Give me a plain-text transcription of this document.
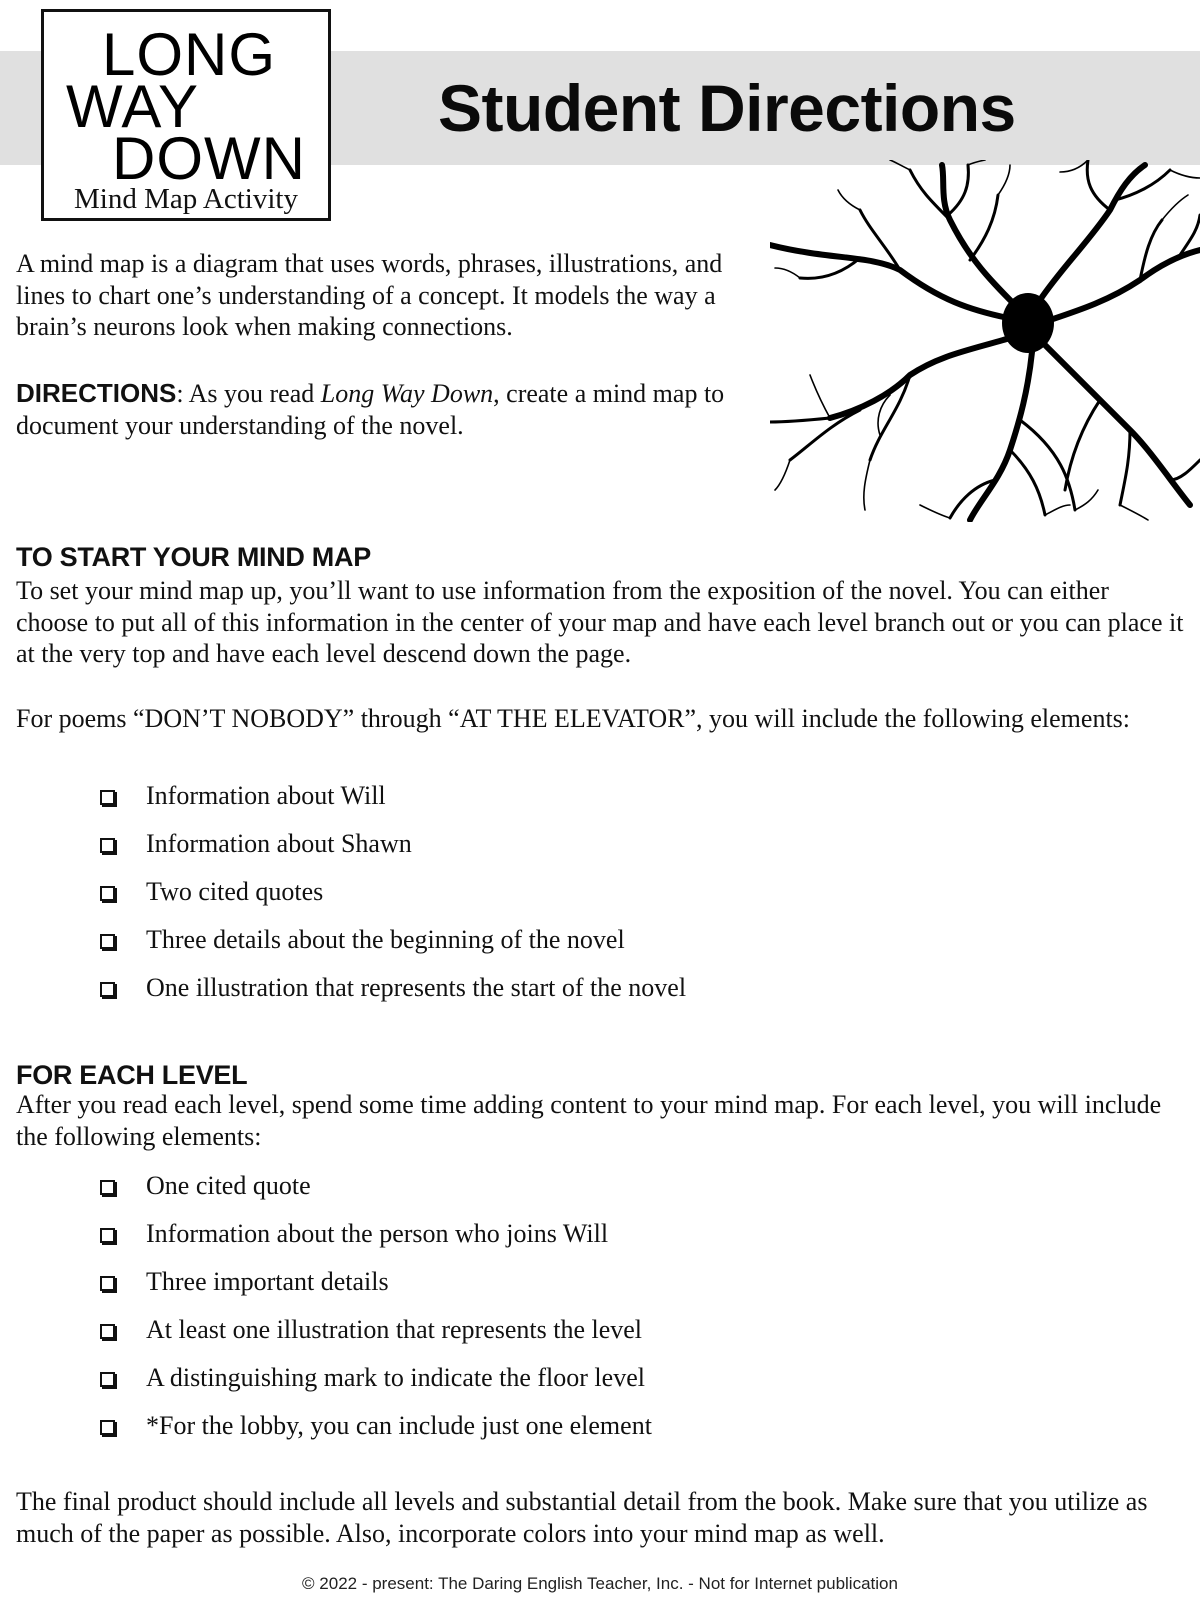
Student Directions
LONG
WAY
DOWN
Mind Map Activity

A mind map is a diagram that uses words, phrases, illustrations, and lines to chart one’s understanding of a concept. It models the way a brain’s neurons look when making connections.

DIRECTIONS: As you read Long Way Down, create a mind map to document your understanding of the novel.

TO START YOUR MIND MAP

To set your mind map up, you’ll want to use information from the exposition of the novel. You can either choose to put all of this information in the center of your map and have each level branch out or you can place it at the very top and have each level descend down the page.

For poems “DON’T NOBODY” through “AT THE ELEVATOR”, you will include the following elements:

Information about Will
Information about Shawn
Two cited quotes
Three details about the beginning of the novel
One illustration that represents the start of the novel
FOR EACH LEVEL

After you read each level, spend some time adding content to your mind map. For each level, you will include the following elements:

One cited quote
Information about the person who joins Will
Three important details
At least one illustration that represents the level
A distinguishing mark to indicate the floor level
*For the lobby, you can include just one element

The final product should include all levels and substantial detail from the book. Make sure that you utilize as much of the paper as possible. Also, incorporate colors into your mind map as well.

© 2022 - present: The Daring English Teacher, Inc. - Not for Internet publication
